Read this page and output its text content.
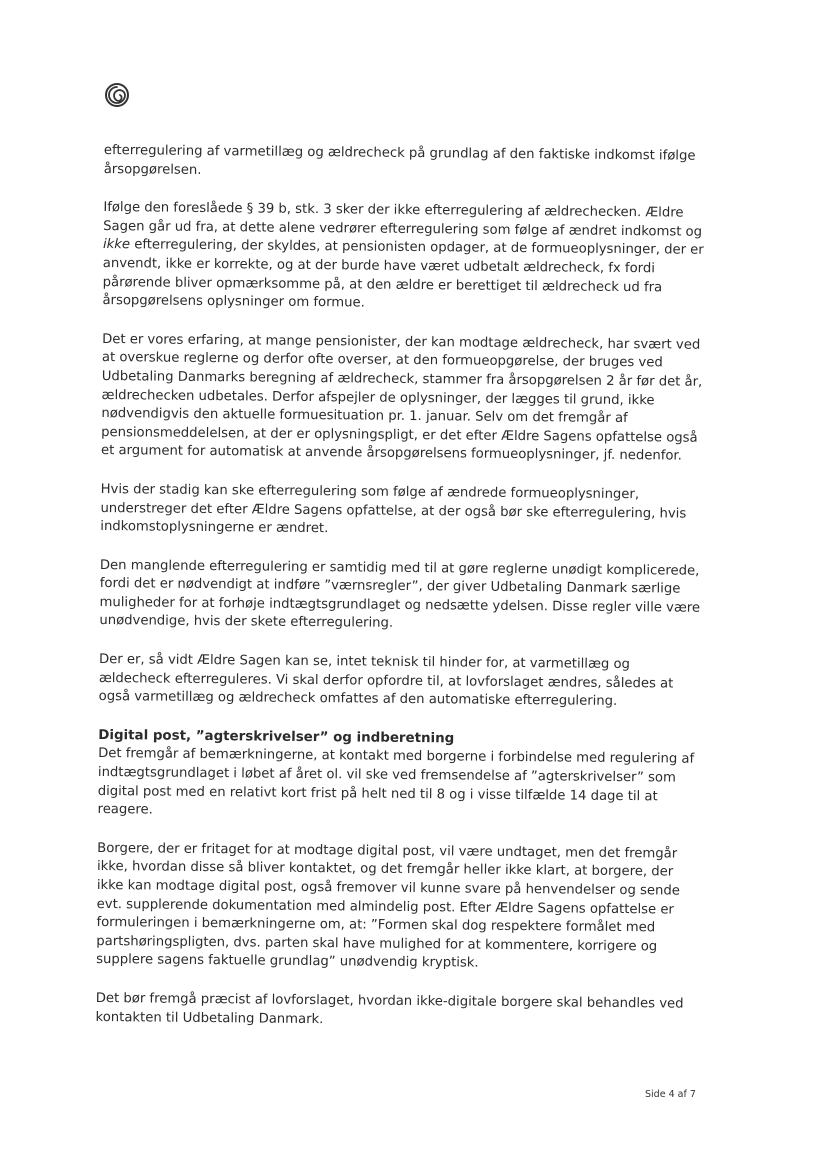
efterregulering af varmetillæg og ældrecheck på grundlag af den faktiske indkomst ifølge årsopgørelsen.

Ifølge den foreslåede § 39 b, stk. 3 sker der ikke efterregulering af ældrechecken. Ældre Sagen går ud fra, at dette alene vedrører efterregulering som følge af ændret indkomst og ikke efterregulering, der skyldes, at pensionisten opdager, at de formueoplysninger, der er anvendt, ikke er korrekte, og at der burde have været udbetalt ældrecheck, fx fordi pårørende bliver opmærksomme på, at den ældre er berettiget til ældrecheck ud fra årsopgørelsens oplysninger om formue.

Det er vores erfaring, at mange pensionister, der kan modtage ældrecheck, har svært ved at overskue reglerne og derfor ofte overser, at den formueopgørelse, der bruges ved Udbetaling Danmarks beregning af ældrecheck, stammer fra årsopgørelsen 2 år før det år, ældrechecken udbetales. Derfor afspejler de oplysninger, der lægges til grund, ikke nødvendigvis den aktuelle formuesituation pr. 1. januar. Selv om det fremgår af pensionsmeddelelsen, at der er oplysningspligt, er det efter Ældre Sagens opfattelse også et argument for automatisk at anvende årsopgørelsens formueoplysninger, jf. nedenfor.

Hvis der stadig kan ske efterregulering som følge af ændrede formueoplysninger, understreger det efter Ældre Sagens opfattelse, at der også bør ske efterregulering, hvis indkomstoplysningerne er ændret.

Den manglende efterregulering er samtidig med til at gøre reglerne unødigt komplicerede, fordi det er nødvendigt at indføre ”værnsregler”, der giver Udbetaling Danmark særlige muligheder for at forhøje indtægtsgrundlaget og nedsætte ydelsen. Disse regler ville være unødvendige, hvis der skete efterregulering.

Der er, så vidt Ældre Sagen kan se, intet teknisk til hinder for, at varmetillæg og ældecheck efterreguleres. Vi skal derfor opfordre til, at lovforslaget ændres, således at også varmetillæg og ældrecheck omfattes af den automatiske efterregulering.

Digital post, ”agterskrivelser” og indberetning

Det fremgår af bemærkningerne, at kontakt med borgerne i forbindelse med regulering af indtægtsgrundlaget i løbet af året ol. vil ske ved fremsendelse af ”agterskrivelser” som digital post med en relativt kort frist på helt ned til 8 og i visse tilfælde 14 dage til at reagere.

Borgere, der er fritaget for at modtage digital post, vil være undtaget, men det fremgår ikke, hvordan disse så bliver kontaktet, og det fremgår heller ikke klart, at borgere, der ikke kan modtage digital post, også fremover vil kunne svare på henvendelser og sende evt. supplerende dokumentation med almindelig post. Efter Ældre Sagens opfattelse er formuleringen i bemærkningerne om, at: ”Formen skal dog respektere formålet med partshøringspligten, dvs. parten skal have mulighed for at kommentere, korrigere og supplere sagens faktuelle grundlag” unødvendig kryptisk.

Det bør fremgå præcist af lovforslaget, hvordan ikke-digitale borgere skal behandles ved kontakten til Udbetaling Danmark.

Side 4 af 7
